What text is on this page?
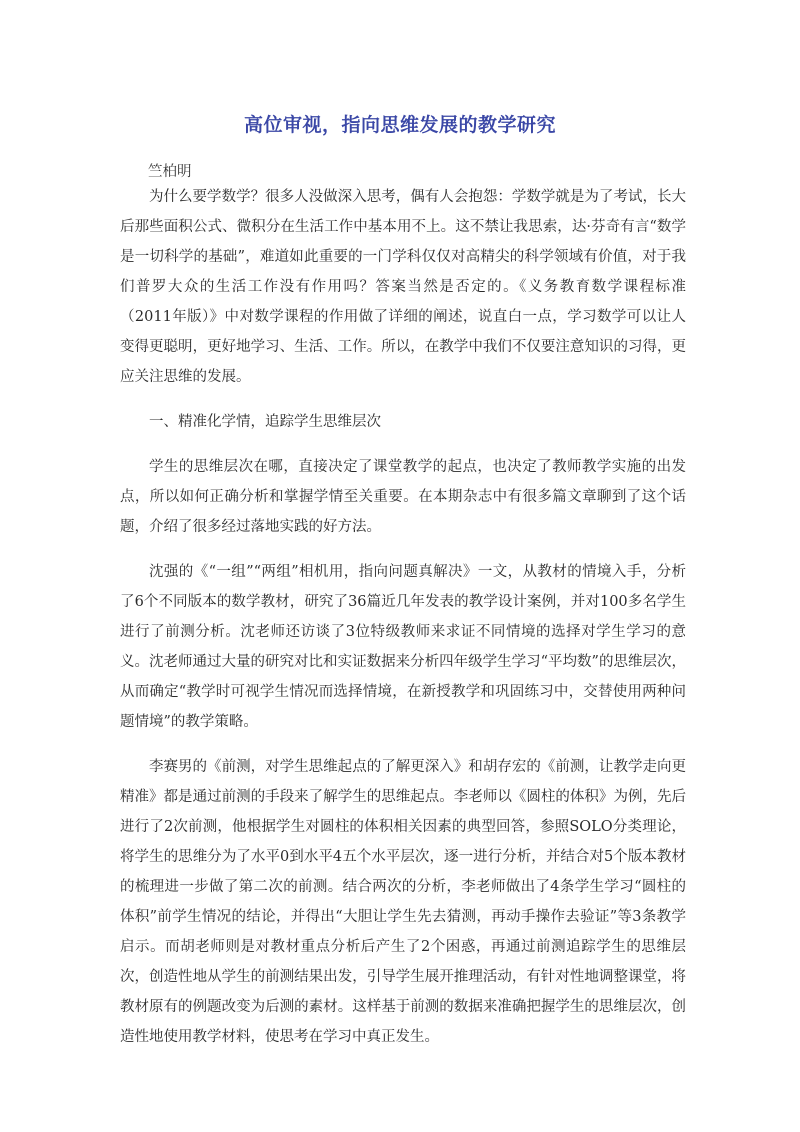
高位审视，指向思维发展的教学研究
竺柏明

为什么要学数学？很多人没做深入思考，偶有人会抱怨：学数学就是为了考试，长大后那些面积公式、微积分在生活工作中基本用不上。这不禁让我思索，达·芬奇有言“数学是一切科学的基础”，难道如此重要的一门学科仅仅对高精尖的科学领域有价值，对于我们普罗大众的生活工作没有作用吗？答案当然是否定的。《义务教育数学课程标准（2011年版）》中对数学课程的作用做了详细的阐述，说直白一点，学习数学可以让人变得更聪明，更好地学习、生活、工作。所以，在教学中我们不仅要注意知识的习得，更应关注思维的发展。

一、精准化学情，追踪学生思维层次

学生的思维层次在哪，直接决定了课堂教学的起点，也决定了教师教学实施的出发点，所以如何正确分析和掌握学情至关重要。在本期杂志中有很多篇文章聊到了这个话题，介绍了很多经过落地实践的好方法。

沈强的《“一组”“两组”相机用，指向问题真解决》一文，从教材的情境入手，分析了6个不同版本的数学教材，研究了36篇近几年发表的教学设计案例，并对100多名学生进行了前测分析。沈老师还访谈了3位特级教师来求证不同情境的选择对学生学习的意义。沈老师通过大量的研究对比和实证数据来分析四年级学生学习“平均数”的思维层次，从而确定“教学时可视学生情况而选择情境，在新授教学和巩固练习中，交替使用两种问题情境”的教学策略。

李赛男的《前测，对学生思维起点的了解更深入》和胡存宏的《前测，让教学走向更精准》都是通过前测的手段来了解学生的思维起点。李老师以《圆柱的体积》为例，先后进行了2次前测，他根据学生对圆柱的体积相关因素的典型回答，参照SOLO分类理论，将学生的思维分为了水平0到水平4五个水平层次，逐一进行分析，并结合对5个版本教材的梳理进一步做了第二次的前测。结合两次的分析，李老师做出了4条学生学习“圆柱的体积”前学生情况的结论，并得出“大胆让学生先去猜测，再动手操作去验证”等3条教学启示。而胡老师则是对教材重点分析后产生了2个困惑，再通过前测追踪学生的思维层次，创造性地从学生的前测结果出发，引导学生展开推理活动，有针对性地调整课堂，将教材原有的例题改变为后测的素材。这样基于前测的数据来准确把握学生的思维层次，创造性地使用教学材料，使思考在学习中真正发生。
